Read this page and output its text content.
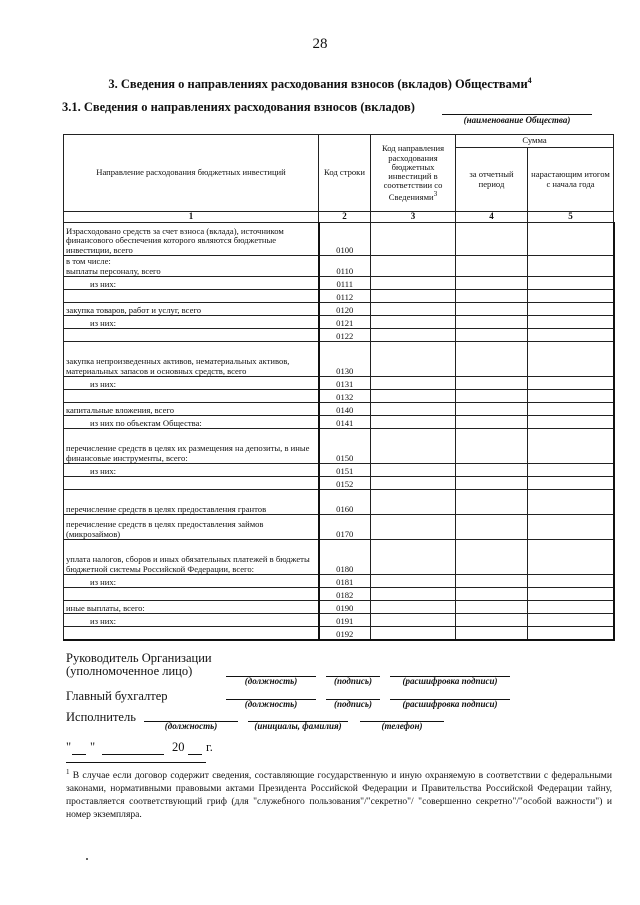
28
3. Сведения о направлениях расходования взносов (вкладов) Обществами$^4$
3.1. Сведения о направлениях расходования взносов (вкладов)
(наименование Общества)
Направление расходования бюджетных инвестиций	Код строки	Код направления расходования бюджетных инвестиций в соответствии со Сведениями$^3$	Сумма	
			за отчетный период	нарастающим итогом с начала года
1	2	3	4	5
Израсходовано средств за счет взноса (вклада), источником финансового обеспечения которого являются бюджетные инвестиции, всего	0100			
в том числе:
выплаты персоналу, всего	0110			
из них:	0111			
	0112			
закупка товаров, работ и услуг, всего	0120			
из них:	0121			
	0122			
закупка непроизведенных активов, нематериальных активов, материальных запасов и основных средств, всего	0130			
из них:	0131			
	0132			
капитальные вложения, всего	0140			
из них по объектам Общества:	0141			
перечисление средств в целях их размещения на депозиты, в иные финансовые инструменты, всего:	0150			
из них:	0151			
	0152			
перечисление средств в целях предоставления грантов	0160			
перечисление средств в целях предоставления займов (микрозаймов)	0170			
уплата налогов, сборов и иных обязательных платежей в бюджеты бюджетной системы Российской Федерации, всего:	0180			
из них:	0181			
	0182			
иные выплаты, всего:	0190			
из них:	0191			
	0192			
Руководитель Организации
(уполномоченное лицо)
(должность)	(подпись)	(расшифровка подписи)
Главный бухгалтер
(должность)	(подпись)	(расшифровка подписи)
Исполнитель
(должность)	(инициалы, фамилия)	(телефон)
" "	20 г.
$^1$ В случае если договор содержит сведения, составляющие государственную и иную охраняемую в соответствии с федеральными законами, нормативными правовыми актами Президента Российской Федерации и Правительства Российской Федерации тайну, проставляется соответствующий гриф (для "служебного пользования"/"секретно"/ "совершенно секретно"/"особой важности") и номер экземпляра.
